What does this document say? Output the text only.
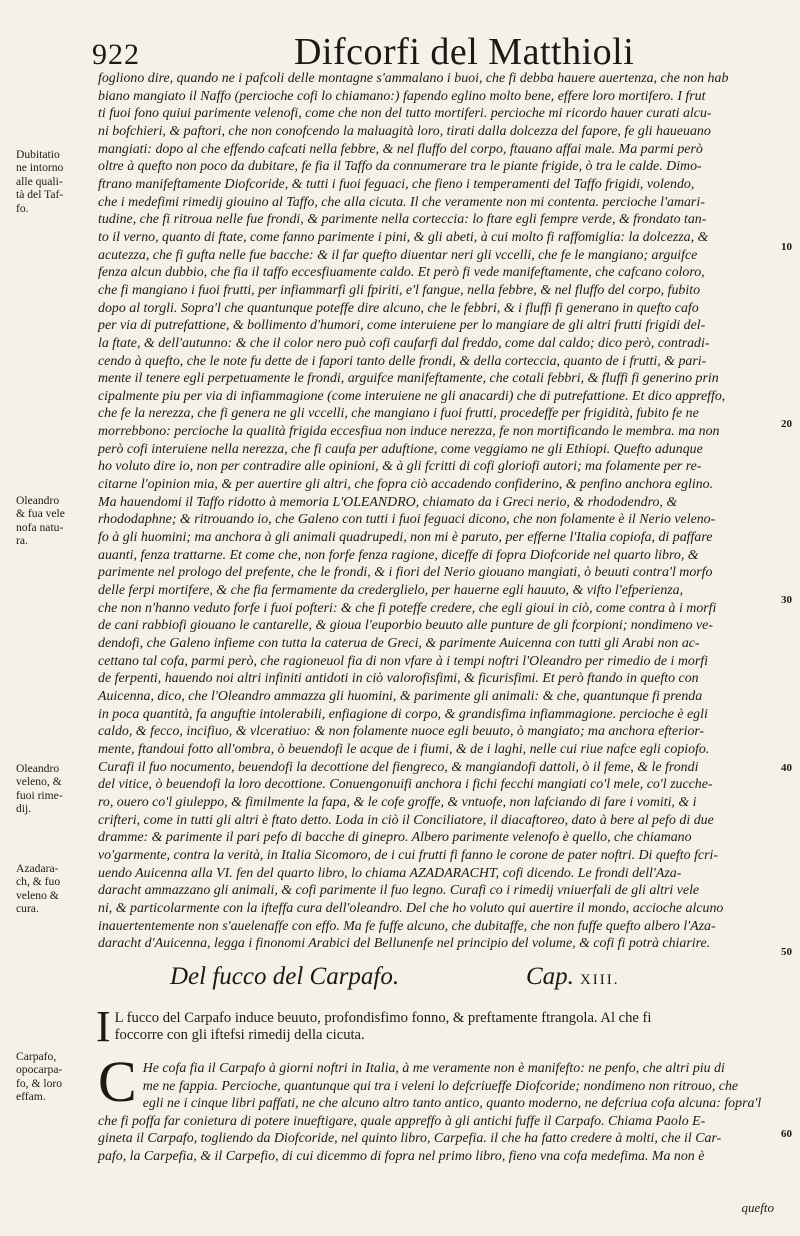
922	Difcorfi del Matthioli
fogliono dire, quando ne i pafcoli delle montagne s'ammalano i buoi, che fi debba hauere auertenza, che non hab
biano mangiato il Naffo (percioche cofi lo chiamano:) fapendo eglino molto bene, effere loro mortifero. I frut
ti fuoi fono quiui parimente velenofi, come che non del tutto mortiferi. percioche mi ricordo hauer curati alcu-
ni bofchieri, & paftori, che non conofcendo la maluagità loro, tirati dalla dolcezza del fapore, fe gli haueuano
mangiati: dopo al che effendo cafcati nella febbre, & nel fluffo del corpo, ftauano affai male. Ma parmi però
oltre à quefto non poco da dubitare, fe fia il Taffo da connumerare tra le piante frigide, ò tra le calde. Dimo-
ftrano manifeftamente Diofcoride, & tutti i fuoi feguaci, che fieno i temperamenti del Taffo frigidi, volendo,
che i medefimi rimedij giouino al Taffo, che alla cicuta. Il che veramente non mi contenta. percioche l'amari-
tudine, che fi ritroua nelle fue frondi, & parimente nella corteccia: lo ftare egli fempre verde, & frondato tan-
to il verno, quanto di ftate, come fanno parimente i pini, & gli abeti, à cui molto fi raffomiglia: la dolcezza, &
acutezza, che fi gufta nelle fue bacche: & il far quefto diuentar neri gli vccelli, che fe le mangiano; arguifce
fenza alcun dubbio, che fia il taffo eccesfiuamente caldo. Et però fi vede manifeftamente, che cafcano coloro,
che fi mangiano i fuoi frutti, per infiammarfi gli fpiriti, e'l fangue, nella febbre, & nel fluffo del corpo, fubito
dopo al torgli. Sopra'l che quantunque poteffe dire alcuno, che le febbri, & i fluffi fi generano in quefto cafo
per via di putrefattione, & bollimento d'humori, come interuiene per lo mangiare de gli altri frutti frigidi del-
la ftate, & dell'autunno: & che il color nero può cofi caufarfi dal freddo, come dal caldo; dico però, contradi-
cendo à quefto, che le note fu dette de i fapori tanto delle frondi, & della corteccia, quanto de i frutti, & pari-
mente il tenere egli perpetuamente le frondi, arguifce manifeftamente, che cotali febbri, & fluffi fi generino prin
cipalmente piu per via di infiammagione (come interuiene ne gli anacardi) che di putrefattione. Et dico appreffo,
che fe la nerezza, che fi genera ne gli vccelli, che mangiano i fuoi frutti, procedeffe per frigidità, fubito fe ne
morrebbono: percioche la qualità frigida eccesfiua non induce nerezza, fe non mortificando le membra. ma non
però cofi interuiene nella nerezza, che fi caufa per aduftione, come veggiamo ne gli Ethiopi. Quefto adunque
ho voluto dire io, non per contradire alle opinioni, & à gli fcritti di cofi gloriofi autori; ma folamente per re-
citarne l'opinion mia, & per auertire gli altri, che fopra ciò accadendo confiderino, & penfino anchora eglino.
Ma hauendomi il Taffo ridotto à memoria L'OLEANDRO, chiamato da i Greci nerio, & rhododendro, &
rhododaphne; & ritrouando io, che Galeno con tutti i fuoi feguaci dicono, che non folamente è il Nerio veleno-
fo à gli huomini; ma anchora à gli animali quadrupedi, non mi è paruto, per efferne l'Italia copiofa, di paffare
auanti, fenza trattarne. Et come che, non forfe fenza ragione, diceffe di fopra Diofcoride nel quarto libro, &
parimente nel prologo del prefente, che le frondi, & i fiori del Nerio giouano mangiati, ò beuuti contra'l morfo
delle ferpi mortifere, & che fia fermamente da crederglielo, per hauerne egli hauuto, & vifto l'efperienza,
che non n'hanno veduto forfe i fuoi pofteri: & che fi poteffe credere, che egli gioui in ciò, come contra à i morfi
de cani rabbiofi giouano le cantarelle, & gioua l'euporbio beuuto alle punture de gli fcorpioni; nondimeno ve-
dendofi, che Galeno infieme con tutta la caterua de Greci, & parimente Auicenna con tutti gli Arabi non ac-
cettano tal cofa, parmi però, che ragioneuol fia di non vfare à i tempi noftri l'Oleandro per rimedio de i morfi
de ferpenti, hauendo noi altri infiniti antidoti in ciò valorofisfimi, & ficurisfimi. Et però ftando in quefto con
Auicenna, dico, che l'Oleandro ammazza gli huomini, & parimente gli animali: & che, quantunque fi prenda
in poca quantità, fa anguftie intolerabili, enfiagione di corpo, & grandisfima infiammagione. percioche è egli
caldo, & fecco, incifiuo, & vlceratiuo: & non folamente nuoce egli beuuto, ò mangiato; ma anchora efterior-
mente, ftandoui fotto all'ombra, ò beuendofi le acque de i fiumi, & de i laghi, nelle cui riue nafce egli copiofo.
Curafi il fuo nocumento, beuendofi la decottione del fiengreco, & mangiandofi dattoli, ò il feme, & le frondi
del vitice, ò beuendofi la loro decottione. Conuengonuifi anchora i fichi fecchi mangiati co'l mele, co'l zucche-
ro, ouero co'l giuleppo, & fimilmente la fapa, & le cofe groffe, & vntuofe, non lafciando di fare i vomiti, & i
crifteri, come in tutti gli altri è ftato detto. Loda in ciò il Conciliatore, il diacaftoreo, dato à bere al pefo di due
dramme: & parimente il pari pefo di bacche di ginepro. Albero parimente velenofo è quello, che chiamano
vo'garmente, contra la verità, in Italia Sicomoro, de i cui frutti fi fanno le corone de pater noftri. Di quefto fcri-
uendo Auicenna alla VI. fen del quarto libro, lo chiama AZADARACHT, cofi dicendo. Le frondi dell'Aza-
daracht ammazzano gli animali, & cofi parimente il fuo legno. Curafi co i rimedij vniuerfali de gli altri vele
ni, & particolarmente con la ifteffa cura dell'oleandro. Del che ho voluto qui auertire il mondo, accioche alcuno
inauertentemente non s'auelenaffe con effo. Ma fe fuffe alcuno, che dubitaffe, che non fuffe quefto albero l'Aza-
daracht d'Auicenna, legga i finonomi Arabici del Bellunenfe nel principio del volume, & cofi fi potrà chiarire.
Dubitatio
ne intorno
alle quali-
tà del Taf-
fo.
Oleandro
& fua vele
nofa natu-
ra.
Oleandro
veleno, &
fuoi rime-
dij.
Azadara-
ch, & fuo
veleno &
cura.
Carpafo,
opocarpa-
fo, & loro
effam.
10
20
30
40
50
60
Del fucco del Carpafo.	Cap. XIII.
I L fucco del Carpafo induce beuuto, profondisfimo fonno, & preftamente ftrangola. Al che fi
foccorre con gli iftefsi rimedij della cicuta.
C He cofa fia il Carpafo à giorni noftri in Italia, à me veramente non è manifefto: ne penfo, che altri piu di
me ne fappia. Percioche, quantunque qui tra i veleni lo defcriueffe Diofcoride; nondimeno non ritrouo, che
egli ne i cinque libri paffati, ne che alcuno altro tanto antico, quanto moderno, ne defcriua cofa alcuna: fopra'l
che fi poffa far conietura di potere inueftigare, quale appreffo à gli antichi fuffe il Carpafo. Chiama Paolo E-
gineta il Carpafo, togliendo da Diofcoride, nel quinto libro, Carpefia. il che ha fatto credere à molti, che il Car-
pafo, la Carpefia, & il Carpefio, di cui dicemmo di fopra nel primo libro, fieno vna cofa medefima. Ma non è
quefto
